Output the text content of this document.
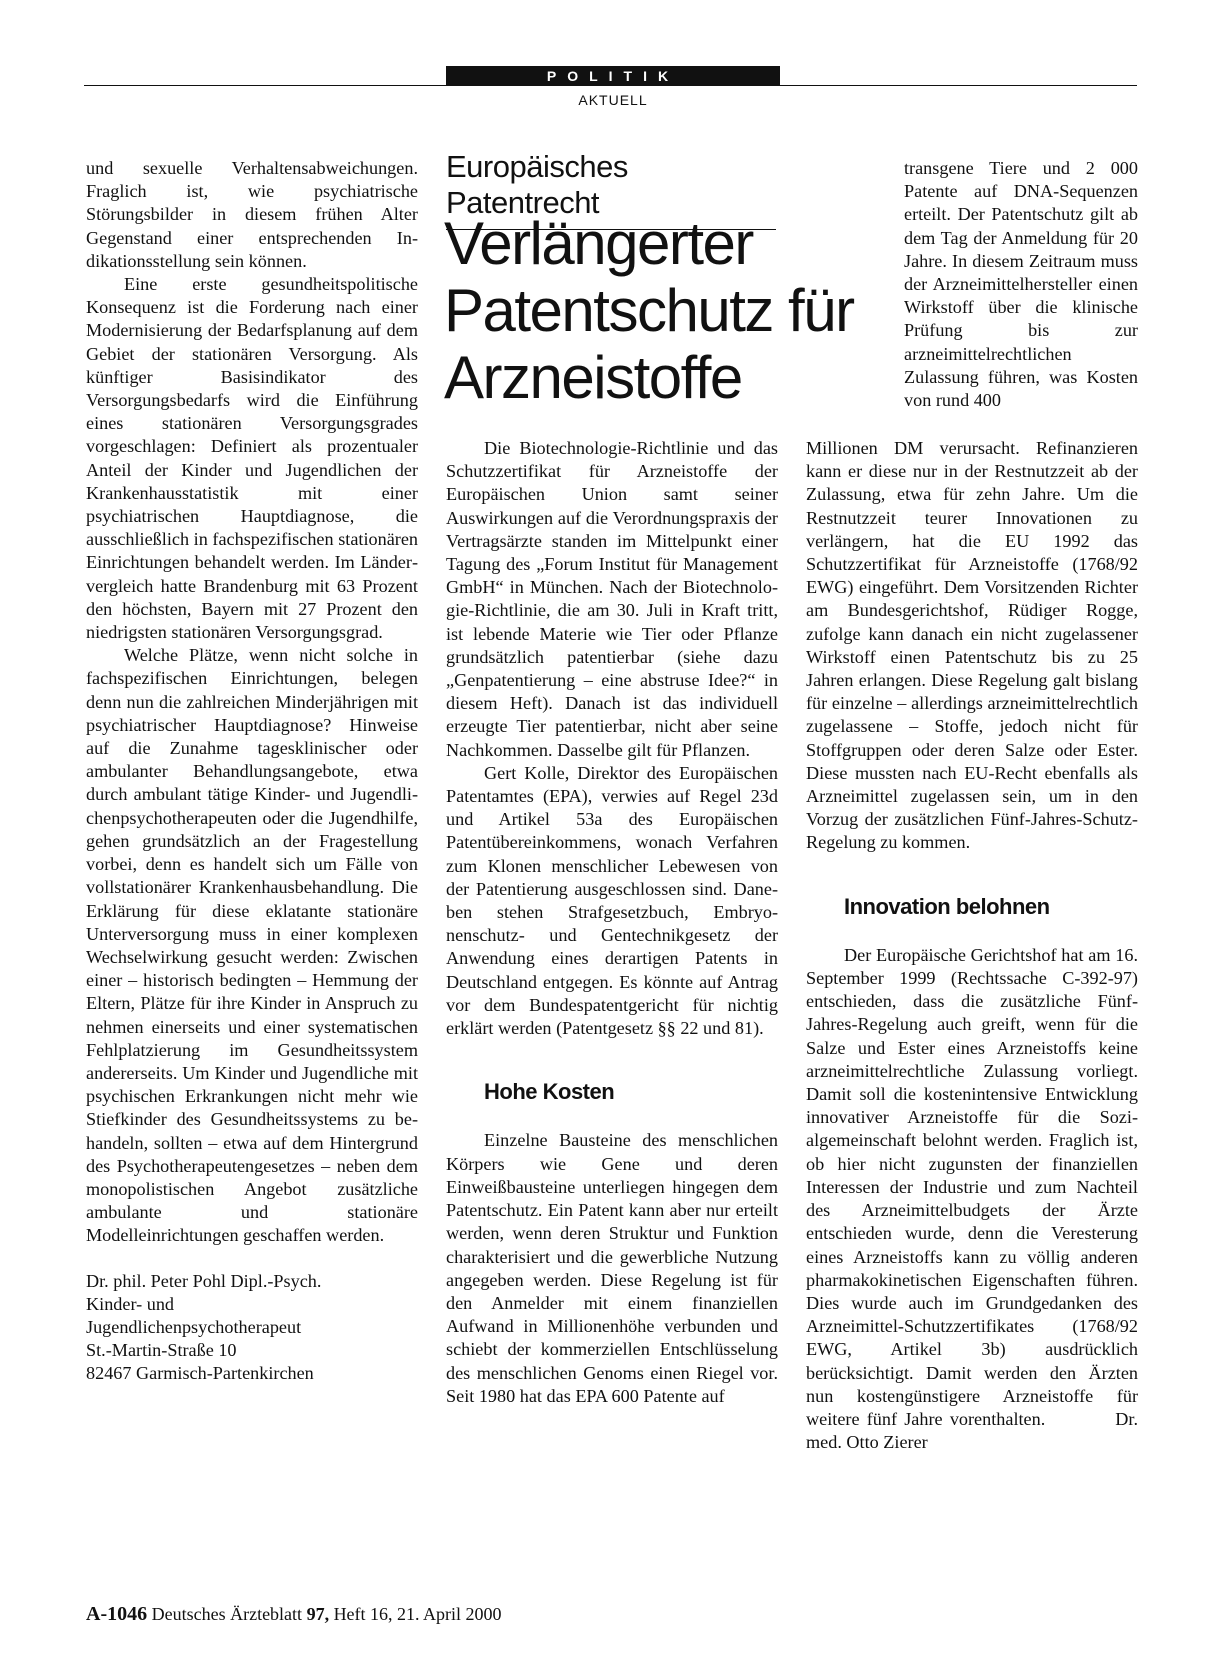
POLITIK
AKTUELL

und sexuelle Verhaltensabweichungen. Fraglich ist, wie psychiatrische Störungsbilder in diesem frühen Alter Gegenstand einer entsprechenden Indikationsstellung sein können.

Eine erste gesundheitspolitische Konsequenz ist die Forderung nach einer Modernisierung der Bedarfsplanung auf dem Gebiet der stationären Versorgung. Als künftiger Basisindikator des Versorgungsbedarfs wird die Einführung eines stationären Versorgungsgrades vorgeschlagen: Definiert als prozentualer Anteil der Kinder und Jugendlichen der Krankenhausstatistik mit einer psychiatrischen Hauptdiagnose, die ausschließlich in fachspezifischen stationären Einrichtungen behandelt werden. Im Ländervergleich hatte Brandenburg mit 63 Prozent den höchsten, Bayern mit 27 Prozent den niedrigsten stationären Versorgungsgrad.

Welche Plätze, wenn nicht solche in fachspezifischen Einrichtungen, belegen denn nun die zahlreichen Minderjährigen mit psychiatrischer Hauptdiagnose? Hinweise auf die Zunahme tagesklinischer oder ambulanter Behandlungsangebote, etwa durch ambulant tätige Kinder- und Jugendlichenpsychotherapeuten oder die Jugendhilfe, gehen grundsätzlich an der Fragestellung vorbei, denn es handelt sich um Fälle von vollstationärer Krankenhausbehandlung. Die Erklärung für diese eklatante stationäre Unterversorgung muss in einer komplexen Wechselwirkung gesucht werden: Zwischen einer – historisch bedingten – Hemmung der Eltern, Plätze für ihre Kinder in Anspruch zu nehmen einerseits und einer systematischen Fehlplatzierung im Gesundheitssystem andererseits. Um Kinder und Jugendliche mit psychischen Erkrankungen nicht mehr wie Stiefkinder des Gesundheitssystems zu behandeln, sollten – etwa auf dem Hintergrund des Psychotherapeutengesetzes – neben dem monopolistischen Angebot zusätzliche ambulante und stationäre Modelleinrichtungen geschaffen werden.

Dr. phil. Peter Pohl Dipl.-Psych.
Kinder- und
Jugendlichenpsychotherapeut
St.-Martin-Straße 10
82467 Garmisch-Partenkirchen

Europäisches Patentrecht
Verlängerter
Patentschutz für
Arzneistoffe

Die Biotechnologie-Richtlinie und das Schutzzertifikat für Arzneistoffe der Europäischen Union samt seiner Auswirkungen auf die Verordnungspraxis der Vertragsärzte standen im Mittelpunkt einer Tagung des „Forum Institut für Management GmbH“ in München. Nach der Biotechnologie-Richtlinie, die am 30. Juli in Kraft tritt, ist lebende Materie wie Tier oder Pflanze grundsätzlich patentierbar (siehe dazu „Genpatentierung – eine abstruse Idee?“ in diesem Heft). Danach ist das individuell erzeugte Tier patentierbar, nicht aber seine Nachkommen. Dasselbe gilt für Pflanzen.

Gert Kolle, Direktor des Europäischen Patentamtes (EPA), verwies auf Regel 23d und Artikel 53a des Europäischen Patentübereinkommens, wonach Verfahren zum Klonen menschlicher Lebewesen von der Patentierung ausgeschlossen sind. Daneben stehen Strafgesetzbuch, Embryonenschutz- und Gentechnikgesetz der Anwendung eines derartigen Patents in Deutschland entgegen. Es könnte auf Antrag vor dem Bundespatentgericht für nichtig erklärt werden (Patentgesetz §§ 22 und 81).

Hohe Kosten

Einzelne Bausteine des menschlichen Körpers wie Gene und deren Einweißbausteine unterliegen hingegen dem Patentschutz. Ein Patent kann aber nur erteilt werden, wenn deren Struktur und Funktion charakterisiert und die gewerbliche Nutzung angegeben werden. Diese Regelung ist für den Anmelder mit einem finanziellen Aufwand in Millionenhöhe verbunden und schiebt der kommerziellen Entschlüsselung des menschlichen Genoms einen Riegel vor. Seit 1980 hat das EPA 600 Patente auf

transgene Tiere und 2 000 Patente auf DNA-Sequenzen erteilt. Der Patentschutz gilt ab dem Tag der Anmeldung für 20 Jahre. In diesem Zeitraum muss der Arzneimittelhersteller einen Wirkstoff über die klinische Prüfung bis zur arzneimittelrechtlichen Zulassung führen, was Kosten von rund 400

Millionen DM verursacht. Refinanzieren kann er diese nur in der Restnutzzeit ab der Zulassung, etwa für zehn Jahre. Um die Restnutzzeit teurer Innovationen zu verlängern, hat die EU 1992 das Schutzzertifikat für Arzneistoffe (1768/92 EWG) eingeführt. Dem Vorsitzenden Richter am Bundesgerichtshof, Rüdiger Rogge, zufolge kann danach ein nicht zugelassener Wirkstoff einen Patentschutz bis zu 25 Jahren erlangen. Diese Regelung galt bislang für einzelne – allerdings arzneimittelrechtlich zugelassene – Stoffe, jedoch nicht für Stoffgruppen oder deren Salze oder Ester. Diese mussten nach EU-Recht ebenfalls als Arzneimittel zugelassen sein, um in den Vorzug der zusätzlichen Fünf-Jahres-Schutz-Regelung zu kommen.

Innovation belohnen

Der Europäische Gerichtshof hat am 16. September 1999 (Rechtssache C-392-97) entschieden, dass die zusätzliche Fünf-Jahres-Regelung auch greift, wenn für die Salze und Ester eines Arzneistoffs keine arzneimittelrechtliche Zulassung vorliegt. Damit soll die kostenintensive Entwicklung innovativer Arzneistoffe für die Sozialgemeinschaft belohnt werden. Fraglich ist, ob hier nicht zugunsten der finanziellen Interessen der Industrie und zum Nachteil des Arzneimittelbudgets der Ärzte entschieden wurde, denn die Veresterung eines Arzneistoffs kann zu völlig anderen pharmakokinetischen Eigenschaften führen. Dies wurde auch im Grundgedanken des Arzneimittel-Schutzzertifikates (1768/92 EWG, Artikel 3b) ausdrücklich berücksichtigt. Damit werden den Ärzten nun kostengünstigere Arzneistoffe für weitere fünf Jahre vorenthalten.	Dr. med. Otto Zierer

A-1046 Deutsches Ärzteblatt 97, Heft 16, 21. April 2000
